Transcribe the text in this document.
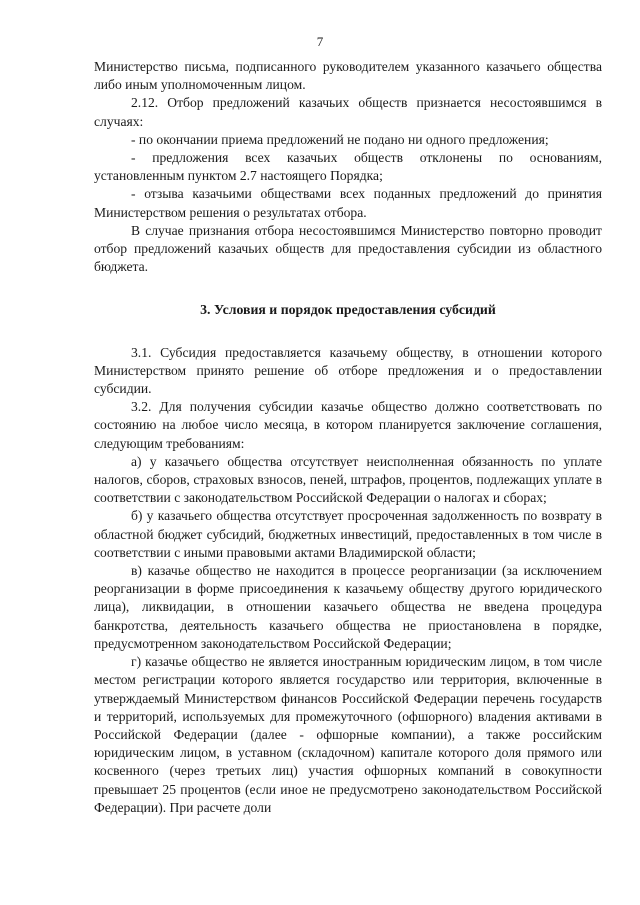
7

Министерство письма, подписанного руководителем указанного казачьего общества либо иным уполномоченным лицом.

2.12. Отбор предложений казачьих обществ признается несостоявшимся в случаях:

- по окончании приема предложений не подано ни одного предложения;

- предложения всех казачьих обществ отклонены по основаниям, установленным пунктом 2.7 настоящего Порядка;

- отзыва казачьими обществами всех поданных предложений до принятия Министерством решения о результатах отбора.

В случае признания отбора несостоявшимся Министерство повторно проводит отбор предложений казачьих обществ для предоставления субсидии из областного бюджета.

3. Условия и порядок предоставления субсидий

3.1. Субсидия предоставляется казачьему обществу, в отношении которого Министерством принято решение об отборе предложения и о предоставлении субсидии.

3.2. Для получения субсидии казачье общество должно соответствовать по состоянию на любое число месяца, в котором планируется заключение соглашения, следующим требованиям:

а) у казачьего общества отсутствует неисполненная обязанность по уплате налогов, сборов, страховых взносов, пеней, штрафов, процентов, подлежащих уплате в соответствии с законодательством Российской Федерации о налогах и сборах;

б) у казачьего общества отсутствует просроченная задолженность по возврату в областной бюджет субсидий, бюджетных инвестиций, предоставленных в том числе в соответствии с иными правовыми актами Владимирской области;

в) казачье общество не находится в процессе реорганизации (за исключением реорганизации в форме присоединения к казачьему обществу другого юридического лица), ликвидации, в отношении казачьего общества не введена процедура банкротства, деятельность казачьего общества не приостановлена в порядке, предусмотренном законодательством Российской Федерации;

г) казачье общество не является иностранным юридическим лицом, в том числе местом регистрации которого является государство или территория, включенные в утверждаемый Министерством финансов Российской Федерации перечень государств и территорий, используемых для промежуточного (офшорного) владения активами в Российской Федерации (далее - офшорные компании), а также российским юридическим лицом, в уставном (складочном) капитале которого доля прямого или косвенного (через третьих лиц) участия офшорных компаний в совокупности превышает 25 процентов (если иное не предусмотрено законодательством Российской Федерации). При расчете доли
